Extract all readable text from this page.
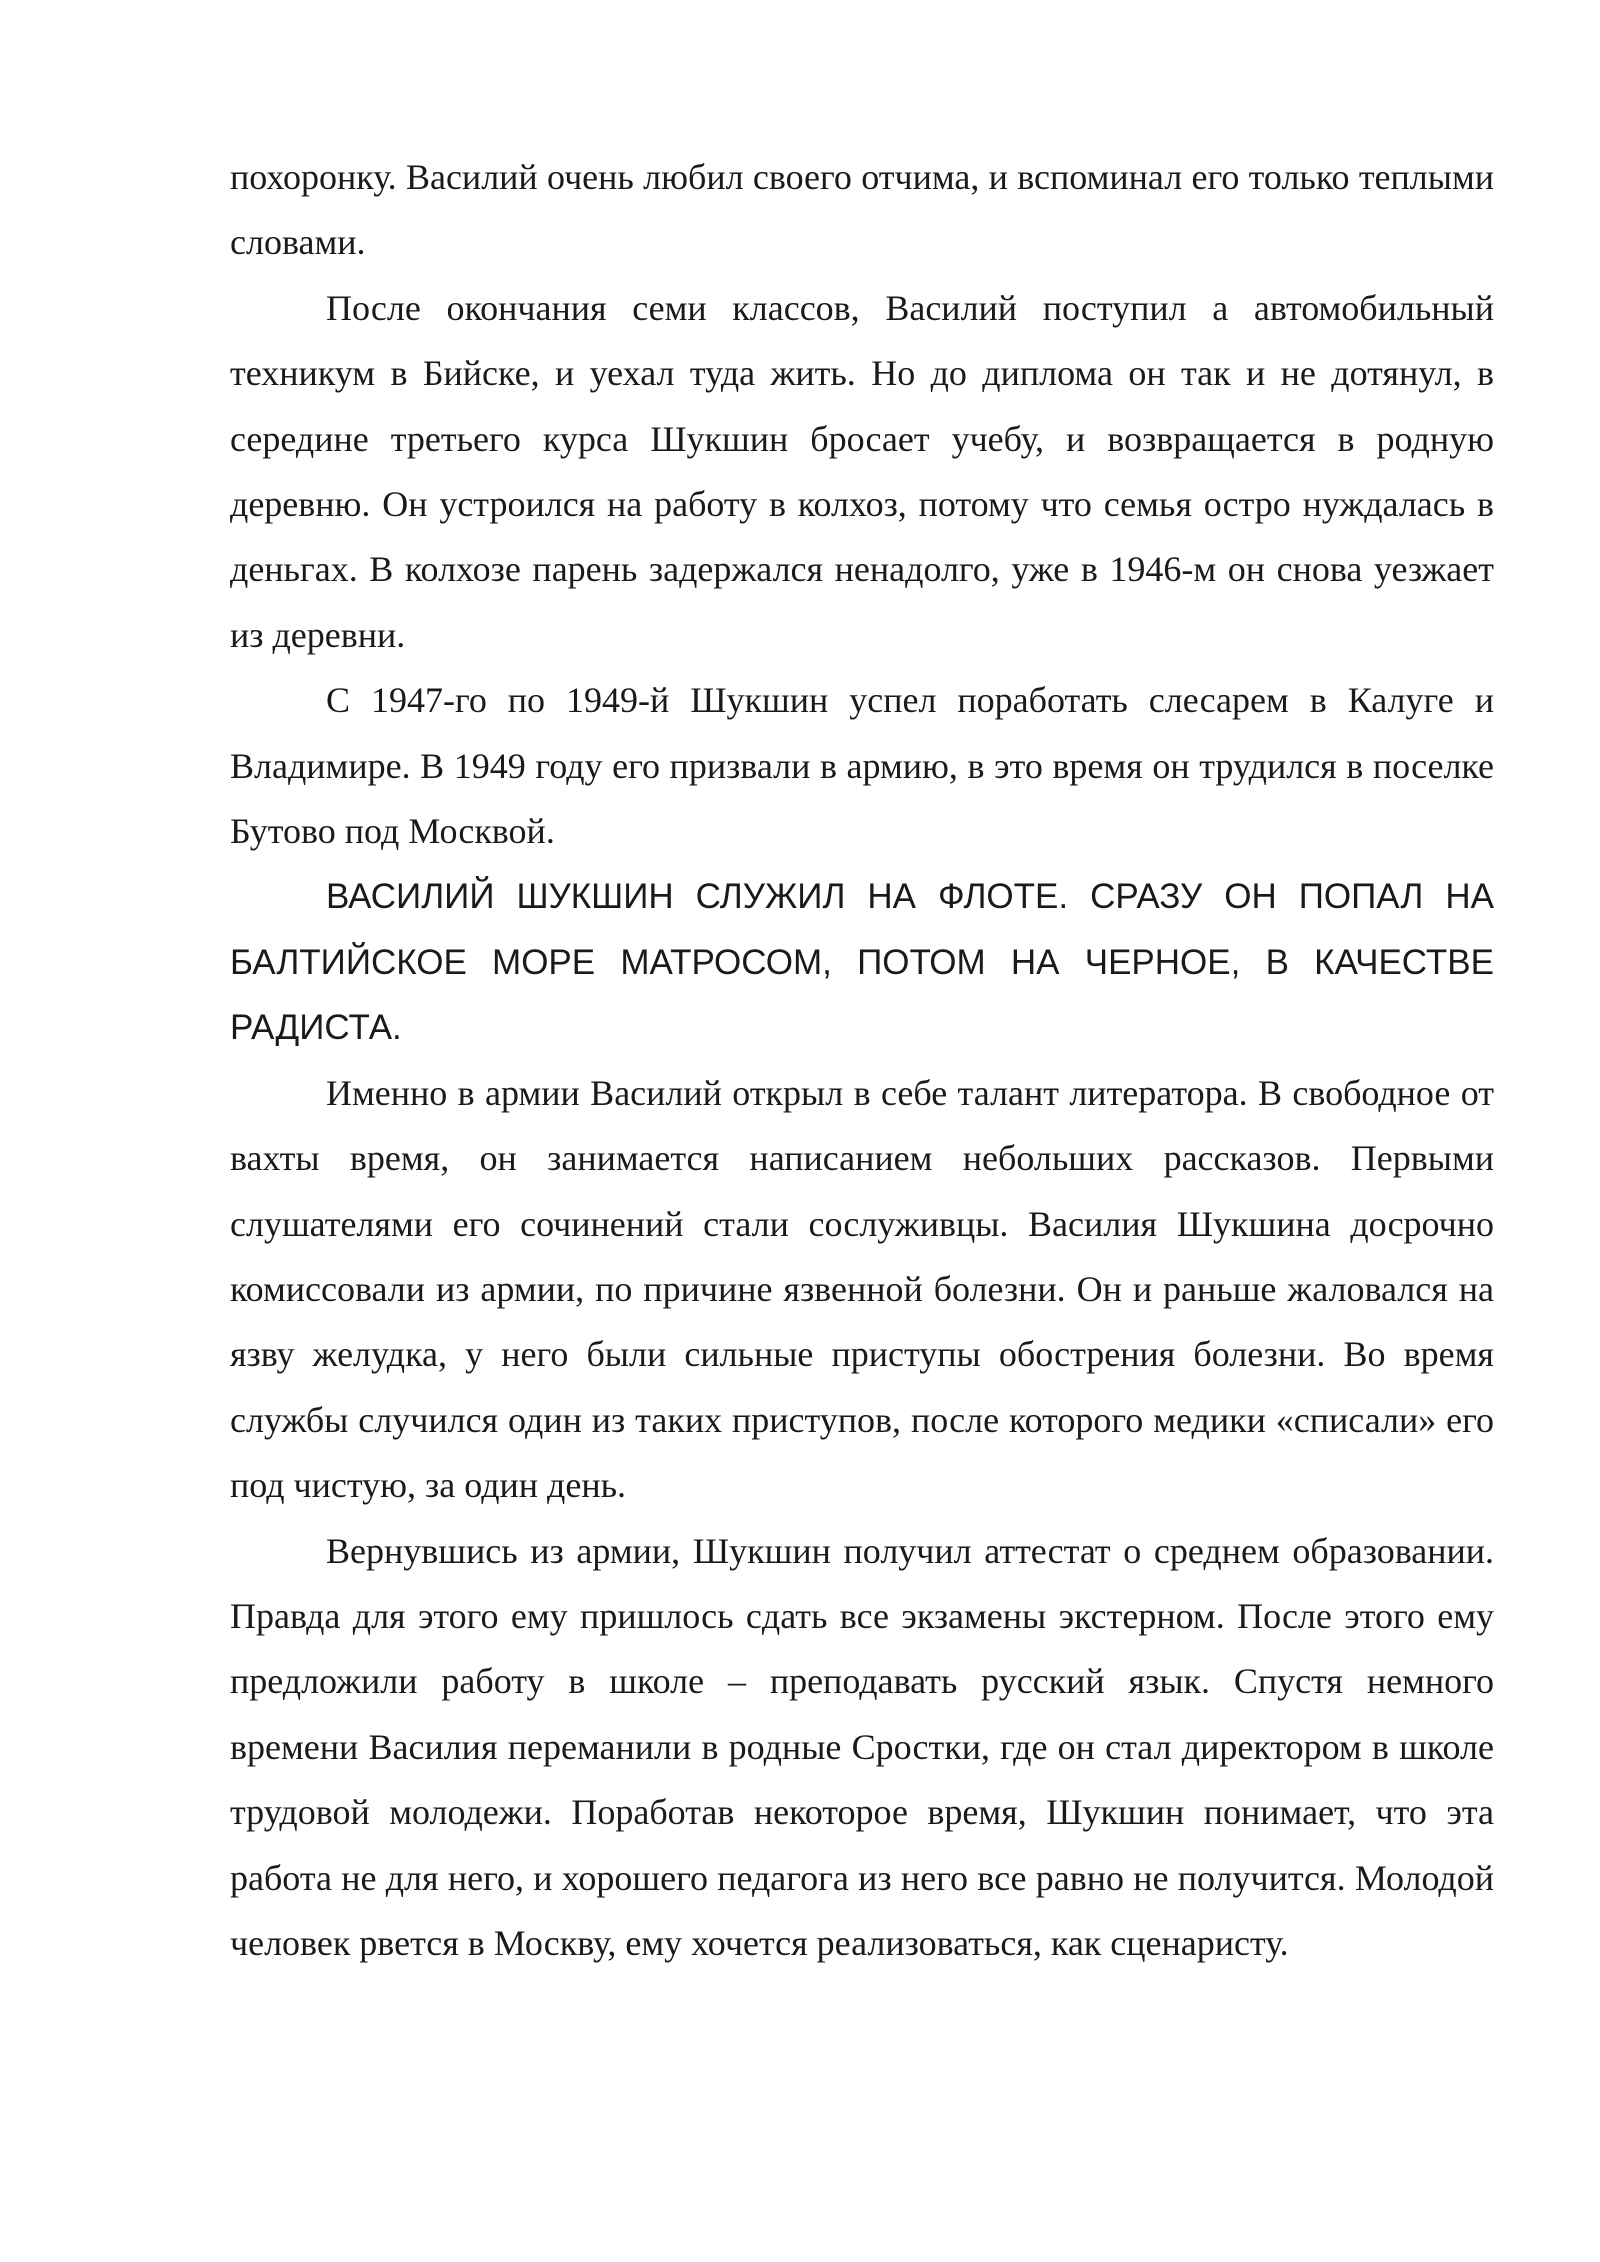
похоронку. Василий очень любил своего отчима, и вспоминал его только теплыми словами.

После окончания семи классов, Василий поступил а автомобильный техникум в Бийске, и уехал туда жить. Но до диплома он так и не дотянул, в середине третьего курса Шукшин бросает учебу, и возвращается в родную деревню. Он устроился на работу в колхоз, потому что семья остро нуждалась в деньгах. В колхозе парень задержался ненадолго, уже в 1946-м он снова уезжает из деревни.

С 1947-го по 1949-й Шукшин успел поработать слесарем в Калуге и Владимире. В 1949 году его призвали в армию, в это время он трудился в поселке Бутово под Москвой.

ВАСИЛИЙ ШУКШИН СЛУЖИЛ НА ФЛОТЕ. СРАЗУ ОН ПОПАЛ НА БАЛТИЙСКОЕ МОРЕ МАТРОСОМ, ПОТОМ НА ЧЕРНОЕ, В КАЧЕСТВЕ РАДИСТА.

Именно в армии Василий открыл в себе талант литератора. В свободное от вахты время, он занимается написанием небольших рассказов. Первыми слушателями его сочинений стали сослуживцы. Василия Шукшина досрочно комиссовали из армии, по причине язвенной болезни. Он и раньше жаловался на язву желудка, у него были сильные приступы обострения болезни. Во время службы случился один из таких приступов, после которого медики «списали» его под чистую, за один день.

Вернувшись из армии, Шукшин получил аттестат о среднем образовании. Правда для этого ему пришлось сдать все экзамены экстерном. После этого ему предложили работу в школе – преподавать русский язык. Спустя немного времени Василия переманили в родные Сростки, где он стал директором в школе трудовой молодежи. Поработав некоторое время, Шукшин понимает, что эта работа не для него, и хорошего педагога из него все равно не получится. Молодой человек рвется в Москву, ему хочется реализоваться, как сценаристу.
